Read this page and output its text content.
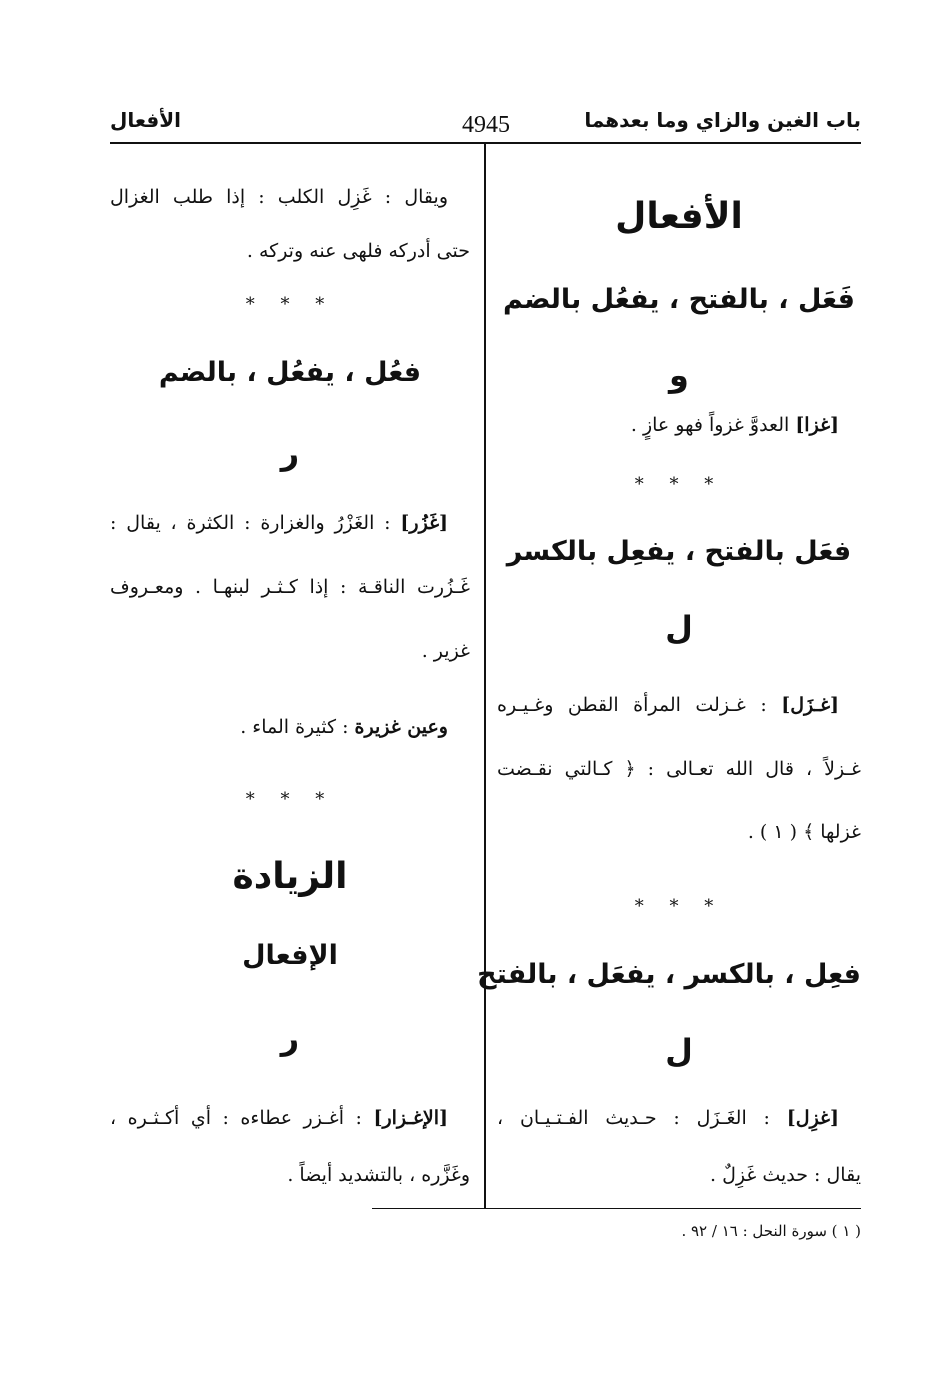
باب الغين والزاي وما بعدهما
4945
الأفعال
الأفعال
فَعَل ، بالفتح ، يفعُل بالضم
و
[غزا] العدوَّ غزواً فهو عازٍ .
* * *
فعَل بالفتح ، يفعِل بالكسر
ل
[غـزَل] : غـزلت المرأة القطن وغـيـره
غـزلاً ، قال الله تعـالى : ﴿ كـالتي نقـضت
غزلها ﴾ ( ١ ) .
* * *
فعِل ، بالكسر ، يفعَل ، بالفتح
ل
[غزِل] : الغَـزَل : حـديث الفـتـيـان ،
يقال : حديث غَزِلٌ .
ويقال : غَزِل الكلب : إذا طلب الغزال
حتى أدركه فلهى عنه وتركه .
* * *
فعُل ، يفعُل ، بالضم
ر
[غَزُر] : الغَزْرُ والغزارة : الكثرة ، يقال :
غَـزُرت الناقـة : إذا كـثـر لبنهـا . ومعـروف
غزير .
وعين غزيرة : كثيرة الماء .
* * *
الزيادة
الإفعال
ر
[الإغـزار] : أغـزر عطاءه : أي أكـثـره ،
وغَزَّره ، بالتشديد أيضاً .
( ١ ) سورة النحل : ١٦ / ٩٢ .
